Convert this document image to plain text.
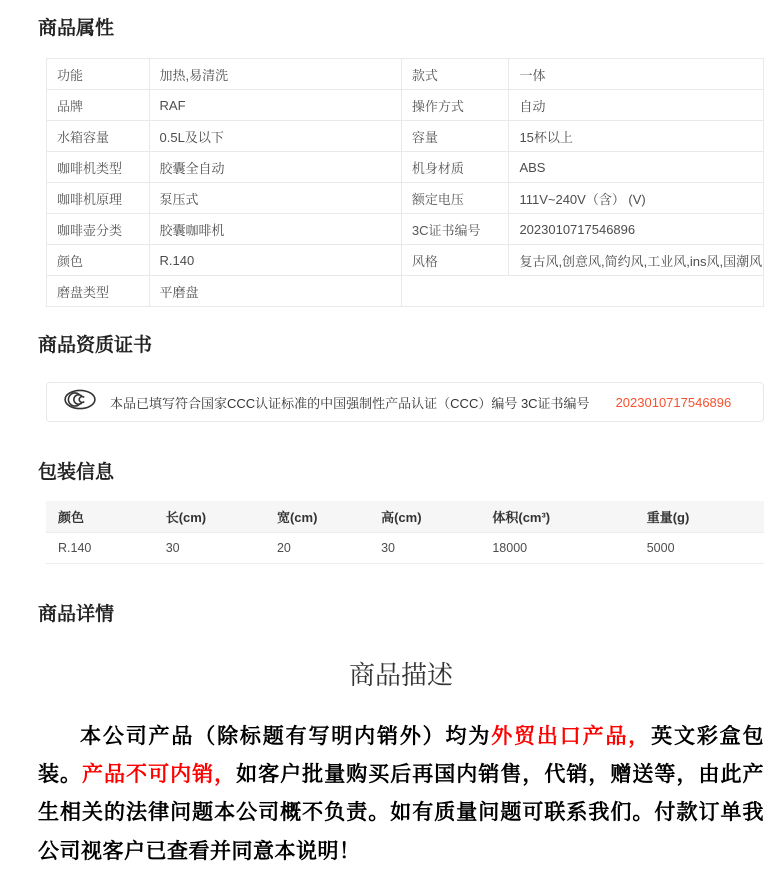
商品属性
功能	加热,易清洗	款式	一体
品牌	RAF	操作方式	自动
水箱容量	0.5L及以下	容量	15杯以上
咖啡机类型	胶囊全自动	机身材质	ABS
咖啡机原理	泵压式	额定电压	111V~240V（含） (V)
咖啡壶分类	胶囊咖啡机	3C证书编号	2023010717546896
颜色	R.140	风格	复古风,创意风,简约风,工业风,ins风,国潮风
磨盘类型	平磨盘		
商品资质证书
本品已填写符合国家CCC认证标准的中国强制性产品认证（CCC）编号 3C证书编号 2023010717546896
包装信息
颜色	长(cm)	宽(cm)	高(cm)	体积(cm³)	重量(g)
R.140	30	20	30	18000	5000
商品详情
商品描述

本公司产品（除标题有写明内销外）均为外贸出口产品，英文彩盒包装。产品不可内销，如客户批量购买后再国内销售，代销，赠送等，由此产生相关的法律问题本公司概不负责。如有质量问题可联系我们。付款订单我公司视客户已查看并同意本说明！
